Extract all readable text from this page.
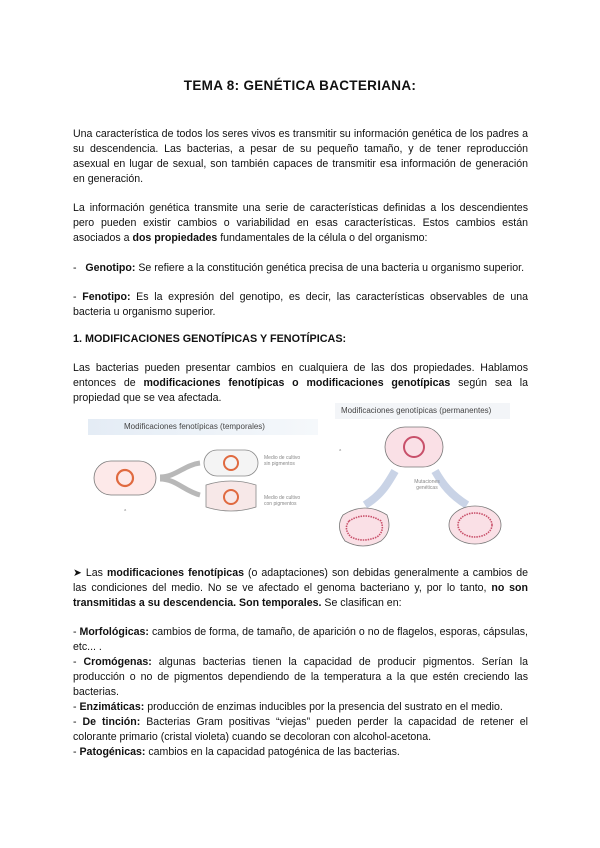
TEMA 8: GENÉTICA BACTERIANA:
Una característica de todos los seres vivos es transmitir su información genética de los padres a su descendencia. Las bacterias, a pesar de su pequeño tamaño, y de tener reproducción asexual en lugar de sexual, son también capaces de transmitir esa información de generación en generación.
La información genética transmite una serie de características definidas a los descendientes pero pueden existir cambios o variabilidad en esas características. Estos cambios están asociados a dos propiedades fundamentales de la célula o del organismo:
-   Genotipo: Se refiere a la constitución genética precisa de una bacteria u organismo superior.
- Fenotipo: Es la expresión del genotipo, es decir, las características observables de una bacteria u organismo superior.
1. MODIFICACIONES GENOTÍPICAS Y FENOTÍPICAS:
Las bacterias pueden presentar cambios en cualquiera de las dos propiedades. Hablamos entonces de modificaciones fenotípicas o modificaciones genotípicas según sea la propiedad que se vea afectada.
Modificaciones fenotípicas (temporales)
a
Medio de cultivo sin pigmentos
Medio de cultivo con pigmentos
Modificaciones genotípicas (permanentes)
a
Mutaciones genéticas
➤ Las modificaciones fenotípicas (o adaptaciones) son debidas generalmente a cambios de las condiciones del medio. No se ve afectado el genoma bacteriano y, por lo tanto, no son transmitidas a su descendencia. Son temporales. Se clasifican en:
- Morfológicas: cambios de forma, de tamaño, de aparición o no de flagelos, esporas, cápsulas, etc... .
- Cromógenas: algunas bacterias tienen la capacidad de producir pigmentos. Serían la producción o no de pigmentos dependiendo de la temperatura a la que estén creciendo las bacterias.
- Enzimáticas: producción de enzimas inducibles por la presencia del sustrato en el medio.
- De tinción: Bacterias Gram positivas “viejas” pueden perder la capacidad de retener el colorante primario (cristal violeta) cuando se decoloran con alcohol-acetona.
- Patogénicas: cambios en la capacidad patogénica de las bacterias.
